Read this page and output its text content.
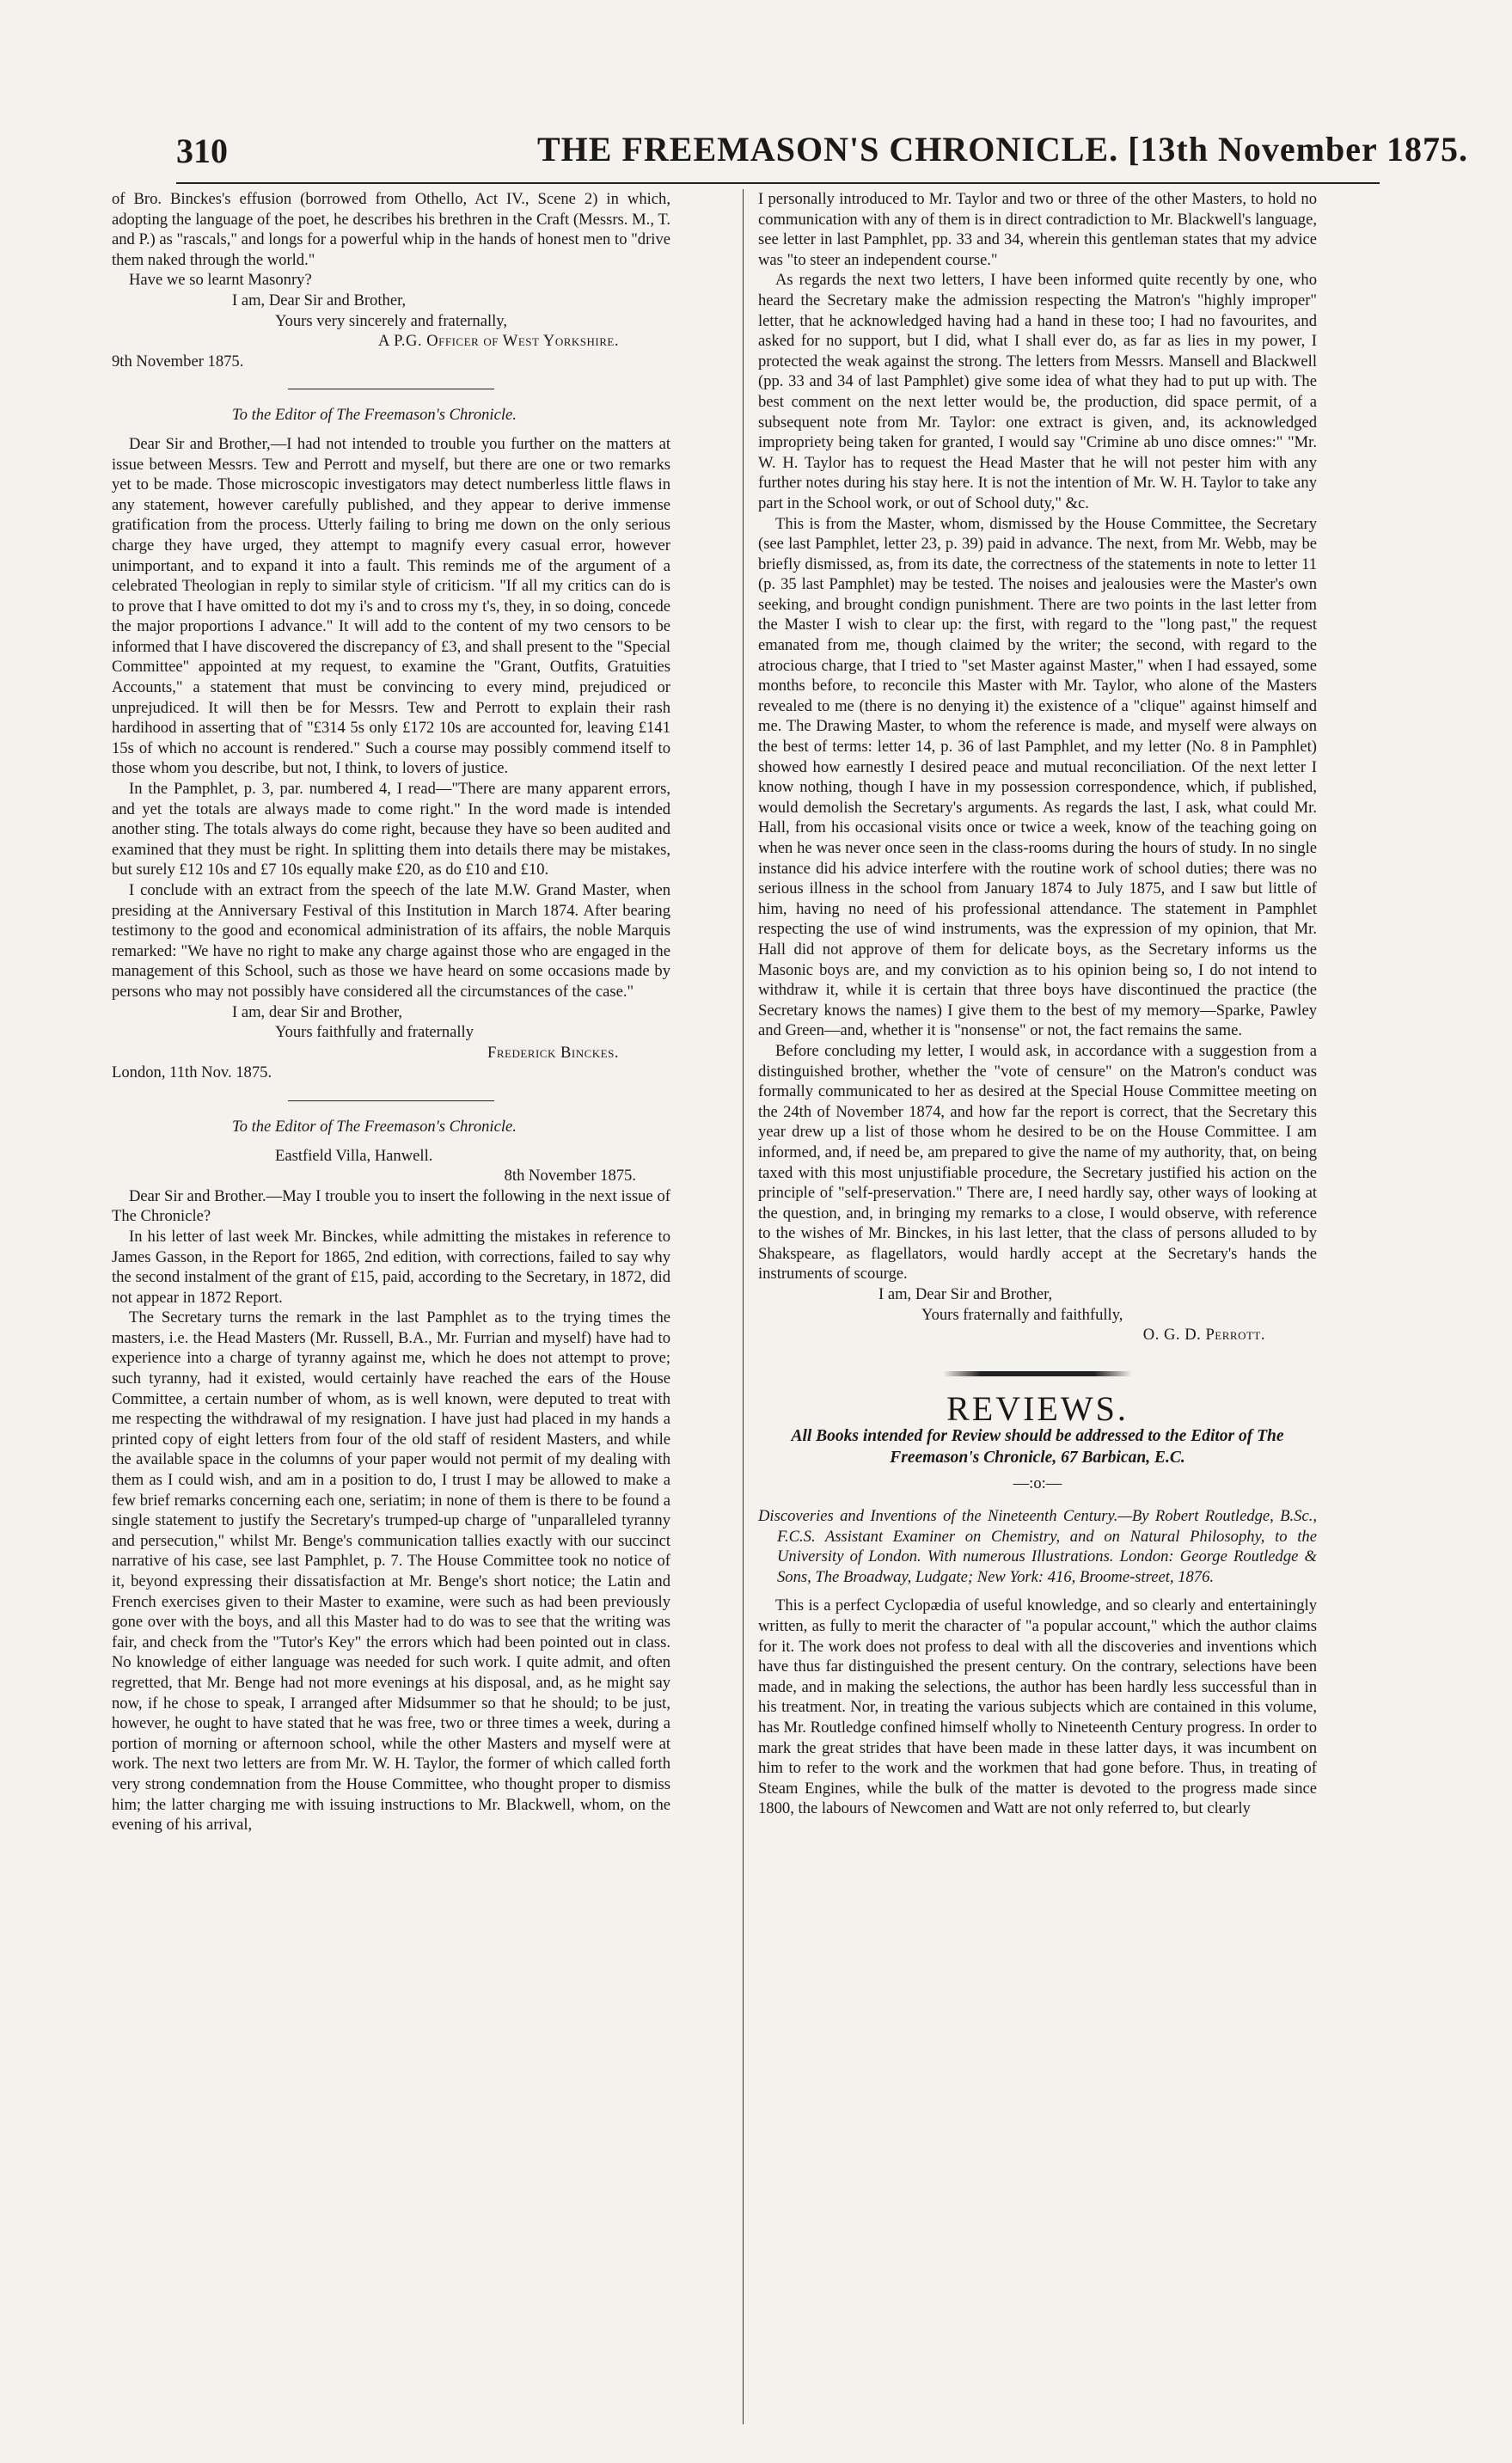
310	THE FREEMASON'S CHRONICLE. [13th November 1875.

of Bro. Binckes's effusion (borrowed from Othello, Act IV., Scene 2) in which, adopting the language of the poet, he describes his brethren in the Craft (Messrs. M., T. and P.) as "rascals," and longs for a powerful whip in the hands of honest men to "drive them naked through the world."

Have we so learnt Masonry?

I am, Dear Sir and Brother,

Yours very sincerely and fraternally,

A P.G. Officer of West Yorkshire.

9th November 1875.

To the Editor of The Freemason's Chronicle.

Dear Sir and Brother,—I had not intended to trouble you further on the matters at issue between Messrs. Tew and Perrott and myself, but there are one or two remarks yet to be made. Those microscopic investigators may detect numberless little flaws in any statement, however carefully published, and they appear to derive immense gratification from the process. Utterly failing to bring me down on the only serious charge they have urged, they attempt to magnify every casual error, however unimportant, and to expand it into a fault. This reminds me of the argument of a celebrated Theologian in reply to similar style of criticism. "If all my critics can do is to prove that I have omitted to dot my i's and to cross my t's, they, in so doing, concede the major proportions I advance." It will add to the content of my two censors to be informed that I have discovered the discrepancy of £3, and shall present to the "Special Committee" appointed at my request, to examine the "Grant, Outfits, Gratuities Accounts," a statement that must be convincing to every mind, prejudiced or unprejudiced. It will then be for Messrs. Tew and Perrott to explain their rash hardihood in asserting that of "£314 5s only £172 10s are accounted for, leaving £141 15s of which no account is rendered." Such a course may possibly commend itself to those whom you describe, but not, I think, to lovers of justice.

In the Pamphlet, p. 3, par. numbered 4, I read—"There are many apparent errors, and yet the totals are always made to come right." In the word made is intended another sting. The totals always do come right, because they have so been audited and examined that they must be right. In splitting them into details there may be mistakes, but surely £12 10s and £7 10s equally make £20, as do £10 and £10.

I conclude with an extract from the speech of the late M.W. Grand Master, when presiding at the Anniversary Festival of this Institution in March 1874. After bearing testimony to the good and economical administration of its affairs, the noble Marquis remarked: "We have no right to make any charge against those who are engaged in the management of this School, such as those we have heard on some occasions made by persons who may not possibly have considered all the circumstances of the case."

I am, dear Sir and Brother,

Yours faithfully and fraternally

Frederick Binckes.

London, 11th Nov. 1875.

To the Editor of The Freemason's Chronicle.

Eastfield Villa, Hanwell.

8th November 1875.

Dear Sir and Brother.—May I trouble you to insert the following in the next issue of The Chronicle?

In his letter of last week Mr. Binckes, while admitting the mistakes in reference to James Gasson, in the Report for 1865, 2nd edition, with corrections, failed to say why the second instalment of the grant of £15, paid, according to the Secretary, in 1872, did not appear in 1872 Report.

The Secretary turns the remark in the last Pamphlet as to the trying times the masters, i.e. the Head Masters (Mr. Russell, B.A., Mr. Furrian and myself) have had to experience into a charge of tyranny against me, which he does not attempt to prove; such tyranny, had it existed, would certainly have reached the ears of the House Committee, a certain number of whom, as is well known, were deputed to treat with me respecting the withdrawal of my resignation. I have just had placed in my hands a printed copy of eight letters from four of the old staff of resident Masters, and while the available space in the columns of your paper would not permit of my dealing with them as I could wish, and am in a position to do, I trust I may be allowed to make a few brief remarks concerning each one, seriatim; in none of them is there to be found a single statement to justify the Secretary's trumped-up charge of "unparalleled tyranny and persecution," whilst Mr. Benge's communication tallies exactly with our succinct narrative of his case, see last Pamphlet, p. 7. The House Committee took no notice of it, beyond expressing their dissatisfaction at Mr. Benge's short notice; the Latin and French exercises given to their Master to examine, were such as had been previously gone over with the boys, and all this Master had to do was to see that the writing was fair, and check from the "Tutor's Key" the errors which had been pointed out in class. No knowledge of either language was needed for such work. I quite admit, and often regretted, that Mr. Benge had not more evenings at his disposal, and, as he might say now, if he chose to speak, I arranged after Midsummer so that he should; to be just, however, he ought to have stated that he was free, two or three times a week, during a portion of morning or afternoon school, while the other Masters and myself were at work. The next two letters are from Mr. W. H. Taylor, the former of which called forth very strong condemnation from the House Committee, who thought proper to dismiss him; the latter charging me with issuing instructions to Mr. Blackwell, whom, on the evening of his arrival,

I personally introduced to Mr. Taylor and two or three of the other Masters, to hold no communication with any of them is in direct contradiction to Mr. Blackwell's language, see letter in last Pamphlet, pp. 33 and 34, wherein this gentleman states that my advice was "to steer an independent course."

As regards the next two letters, I have been informed quite recently by one, who heard the Secretary make the admission respecting the Matron's "highly improper" letter, that he acknowledged having had a hand in these too; I had no favourites, and asked for no support, but I did, what I shall ever do, as far as lies in my power, I protected the weak against the strong. The letters from Messrs. Mansell and Blackwell (pp. 33 and 34 of last Pamphlet) give some idea of what they had to put up with. The best comment on the next letter would be, the production, did space permit, of a subsequent note from Mr. Taylor: one extract is given, and, its acknowledged impropriety being taken for granted, I would say "Crimine ab uno disce omnes:" "Mr. W. H. Taylor has to request the Head Master that he will not pester him with any further notes during his stay here. It is not the intention of Mr. W. H. Taylor to take any part in the School work, or out of School duty," &c.

This is from the Master, whom, dismissed by the House Committee, the Secretary (see last Pamphlet, letter 23, p. 39) paid in advance. The next, from Mr. Webb, may be briefly dismissed, as, from its date, the correctness of the statements in note to letter 11 (p. 35 last Pamphlet) may be tested. The noises and jealousies were the Master's own seeking, and brought condign punishment. There are two points in the last letter from the Master I wish to clear up: the first, with regard to the "long past," the request emanated from me, though claimed by the writer; the second, with regard to the atrocious charge, that I tried to "set Master against Master," when I had essayed, some months before, to reconcile this Master with Mr. Taylor, who alone of the Masters revealed to me (there is no denying it) the existence of a "clique" against himself and me. The Drawing Master, to whom the reference is made, and myself were always on the best of terms: letter 14, p. 36 of last Pamphlet, and my letter (No. 8 in Pamphlet) showed how earnestly I desired peace and mutual reconciliation. Of the next letter I know nothing, though I have in my possession correspondence, which, if published, would demolish the Secretary's arguments. As regards the last, I ask, what could Mr. Hall, from his occasional visits once or twice a week, know of the teaching going on when he was never once seen in the class-rooms during the hours of study. In no single instance did his advice interfere with the routine work of school duties; there was no serious illness in the school from January 1874 to July 1875, and I saw but little of him, having no need of his professional attendance. The statement in Pamphlet respecting the use of wind instruments, was the expression of my opinion, that Mr. Hall did not approve of them for delicate boys, as the Secretary informs us the Masonic boys are, and my conviction as to his opinion being so, I do not intend to withdraw it, while it is certain that three boys have discontinued the practice (the Secretary knows the names) I give them to the best of my memory—Sparke, Pawley and Green—and, whether it is "nonsense" or not, the fact remains the same.

Before concluding my letter, I would ask, in accordance with a suggestion from a distinguished brother, whether the "vote of censure" on the Matron's conduct was formally communicated to her as desired at the Special House Committee meeting on the 24th of November 1874, and how far the report is correct, that the Secretary this year drew up a list of those whom he desired to be on the House Committee. I am informed, and, if need be, am prepared to give the name of my authority, that, on being taxed with this most unjustifiable procedure, the Secretary justified his action on the principle of "self-preservation." There are, I need hardly say, other ways of looking at the question, and, in bringing my remarks to a close, I would observe, with reference to the wishes of Mr. Binckes, in his last letter, that the class of persons alluded to by Shakspeare, as flagellators, would hardly accept at the Secretary's hands the instruments of scourge.

I am, Dear Sir and Brother,

Yours fraternally and faithfully,

O. G. D. Perrott.

REVIEWS.

All Books intended for Review should be addressed to the Editor of The Freemason's Chronicle, 67 Barbican, E.C.

—:o:—

Discoveries and Inventions of the Nineteenth Century.—By Robert Routledge, B.Sc., F.C.S. Assistant Examiner on Chemistry, and on Natural Philosophy, to the University of London. With numerous Illustrations. London: George Routledge & Sons, The Broadway, Ludgate; New York: 416, Broome-street, 1876.

This is a perfect Cyclopædia of useful knowledge, and so clearly and entertainingly written, as fully to merit the character of "a popular account," which the author claims for it. The work does not profess to deal with all the discoveries and inventions which have thus far distinguished the present century. On the contrary, selections have been made, and in making the selections, the author has been hardly less successful than in his treatment. Nor, in treating the various subjects which are contained in this volume, has Mr. Routledge confined himself wholly to Nineteenth Century progress. In order to mark the great strides that have been made in these latter days, it was incumbent on him to refer to the work and the workmen that had gone before. Thus, in treating of Steam Engines, while the bulk of the matter is devoted to the progress made since 1800, the labours of Newcomen and Watt are not only referred to, but clearly
